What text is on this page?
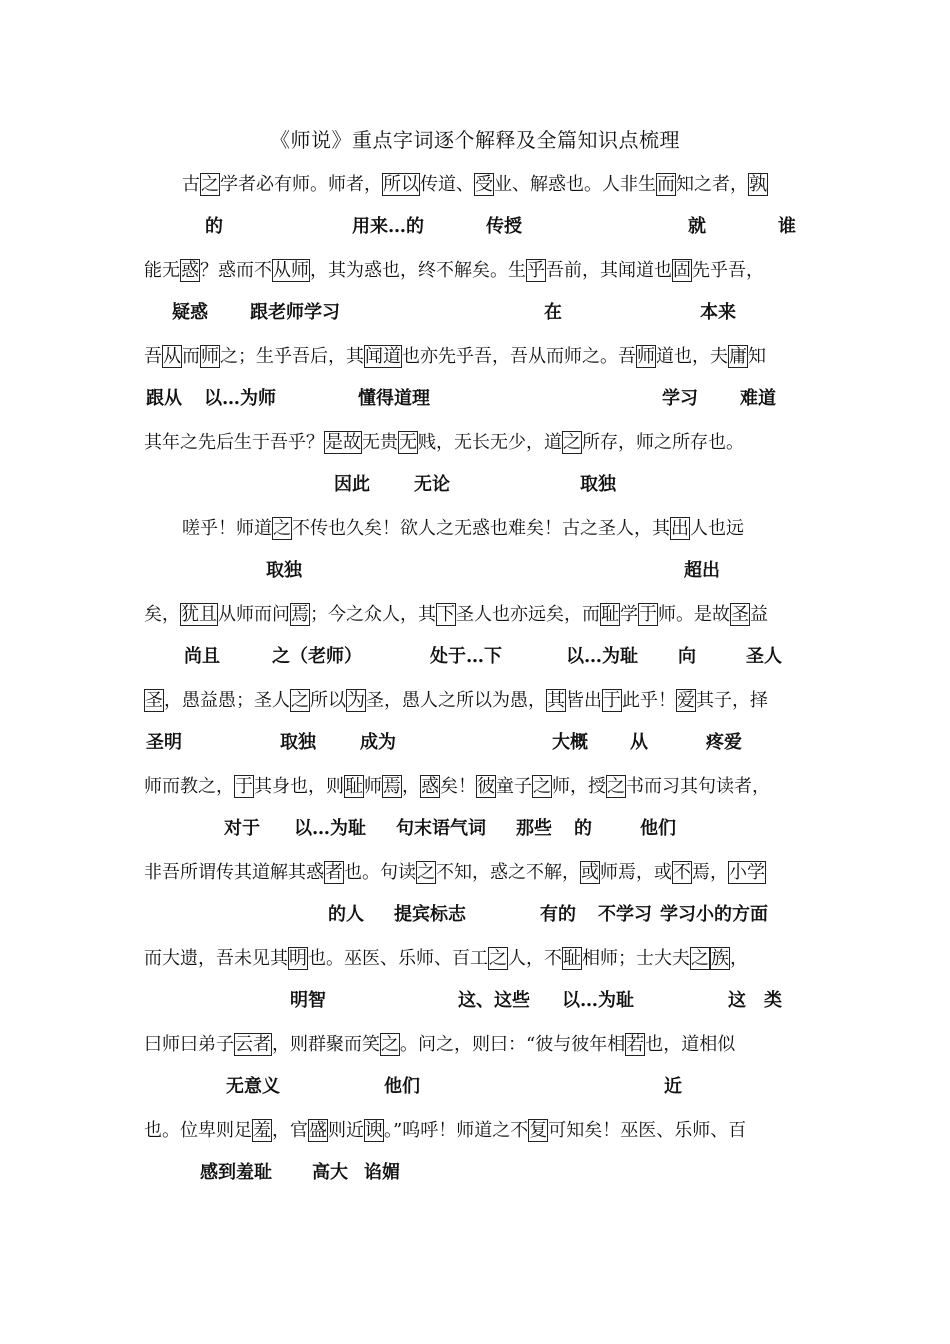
《师说》重点字词逐个解释及全篇知识点梳理
古之学者必有师。师者，所以传道、受业、解惑也。人非生而知之者，孰
的	用来…的	传授	就	谁
能无惑？惑而不从师，其为惑也，终不解矣。生乎吾前，其闻道也固先乎吾，
疑惑 跟老师学习	在	本来
吾从而师之；生乎吾后，其闻道也亦先乎吾，吾从而师之。吾师道也，夫庸知
跟从 以…为师	懂得道理	学习 难道
其年之先后生于吾乎？是故无贵无贱，无长无少，道之所存，师之所存也。
因此 无论	取独
嗟乎！师道之不传也久矣！欲人之无惑也难矣！古之圣人，其出人也远
取独	超出
矣，犹且从师而问焉；今之众人，其下圣人也亦远矣，而耻学于师。是故圣益
尚且	之（老师）	处于…下	以…为耻 向	圣人
圣，愚益愚；圣人之所以为圣，愚人之所以为愚，其皆出于此乎！爱其子，择
圣明	取独 成为	大概 从	疼爱
师而教之，于其身也，则耻师焉，惑矣！彼童子之师，授之书而习其句读者，
对于 以…为耻 句末语气词 那些 的	他们
非吾所谓传其道解其惑者也。句读之不知，惑之不解，或师焉，或不焉，小学
的人 提宾标志	有的 不学习 学习小的方面
而大遗，吾未见其明也。巫医、乐师、百工之人，不耻相师；士大夫之 族，
明智	这、这些 以…为耻	这 类
曰师曰弟子云者，则群聚而笑之。问之，则曰：“彼与彼年相若也，道相似
无意义	他们	近
也。位卑则足羞，官盛则近谀。”呜呼！师道之不复可知矣！巫医、乐师、百
感到羞耻 高大 谄媚
